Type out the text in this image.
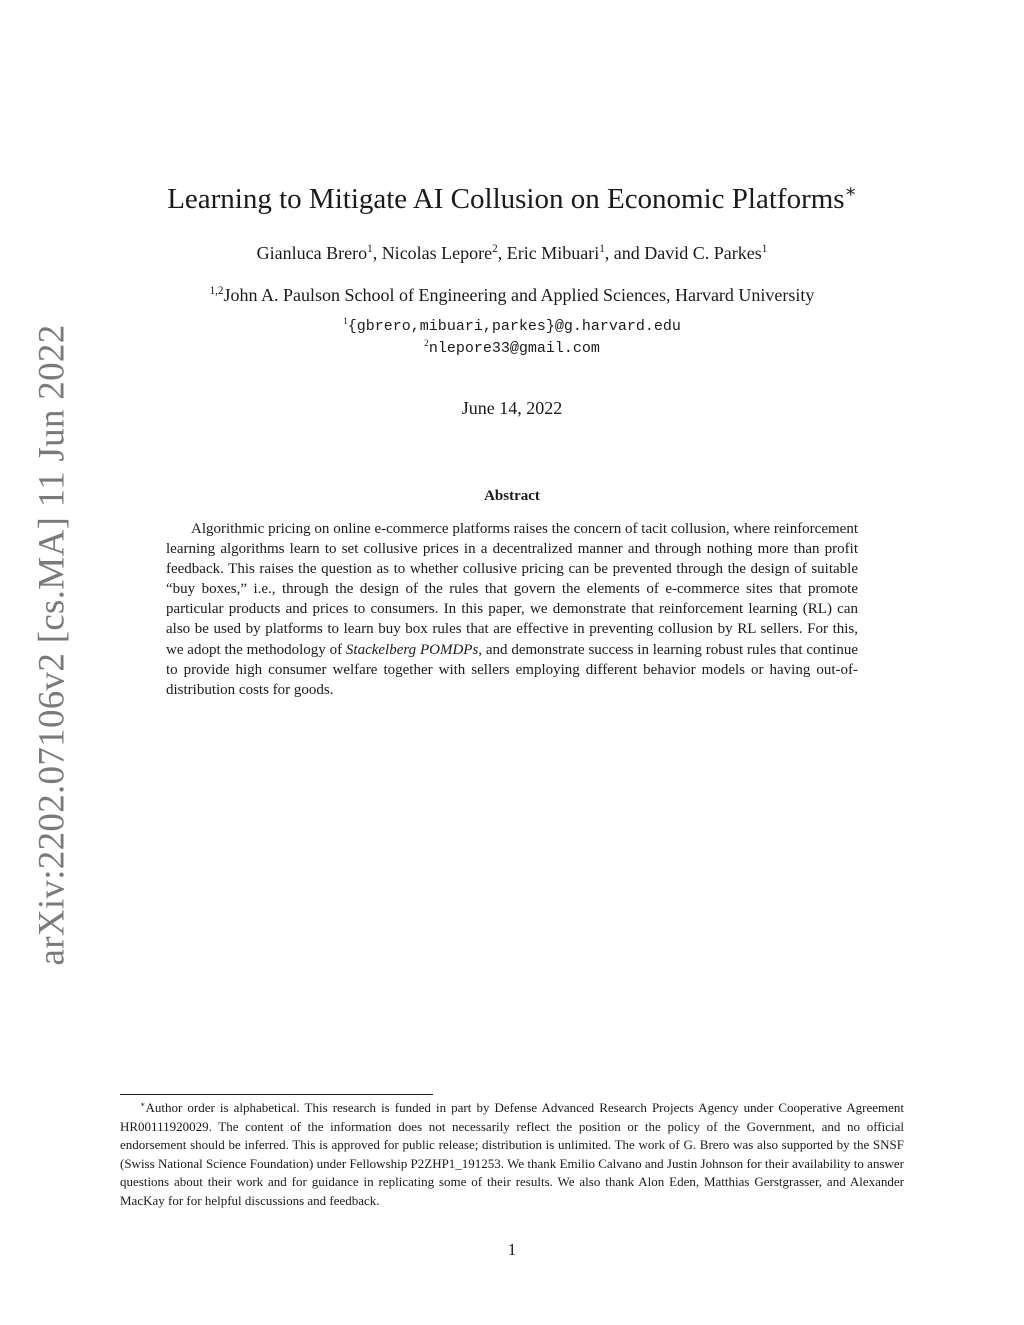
arXiv:2202.07106v2 [cs.MA] 11 Jun 2022
Learning to Mitigate AI Collusion on Economic Platforms∗
Gianluca Brero$^1$, Nicolas Lepore$^2$, Eric Mibuari$^1$, and David C. Parkes$^1$
$^{1,2}$John A. Paulson School of Engineering and Applied Sciences, Harvard University
$^1${gbrero,mibuari,parkes}@g.harvard.edu
$^2$nlepore33@gmail.com
June 14, 2022
Abstract

Algorithmic pricing on online e-commerce platforms raises the concern of tacit collusion, where reinforcement learning algorithms learn to set collusive prices in a decentralized manner and through nothing more than profit feedback. This raises the question as to whether collusive pricing can be prevented through the design of suitable “buy boxes,” i.e., through the design of the rules that govern the elements of e-commerce sites that promote particular products and prices to consumers. In this paper, we demonstrate that reinforcement learning (RL) can also be used by platforms to learn buy box rules that are effective in preventing collusion by RL sellers. For this, we adopt the methodology of Stackelberg POMDPs, and demonstrate success in learning robust rules that continue to provide high consumer welfare together with sellers employing different behavior models or having out-of-distribution costs for goods.

∗Author order is alphabetical. This research is funded in part by Defense Advanced Research Projects Agency under Cooperative Agreement HR00111920029. The content of the information does not necessarily reflect the position or the policy of the Government, and no official endorsement should be inferred. This is approved for public release; distribution is unlimited. The work of G. Brero was also supported by the SNSF (Swiss National Science Foundation) under Fellowship P2ZHP1_191253. We thank Emilio Calvano and Justin Johnson for their availability to answer questions about their work and for guidance in replicating some of their results. We also thank Alon Eden, Matthias Gerstgrasser, and Alexander MacKay for for helpful discussions and feedback.

1
